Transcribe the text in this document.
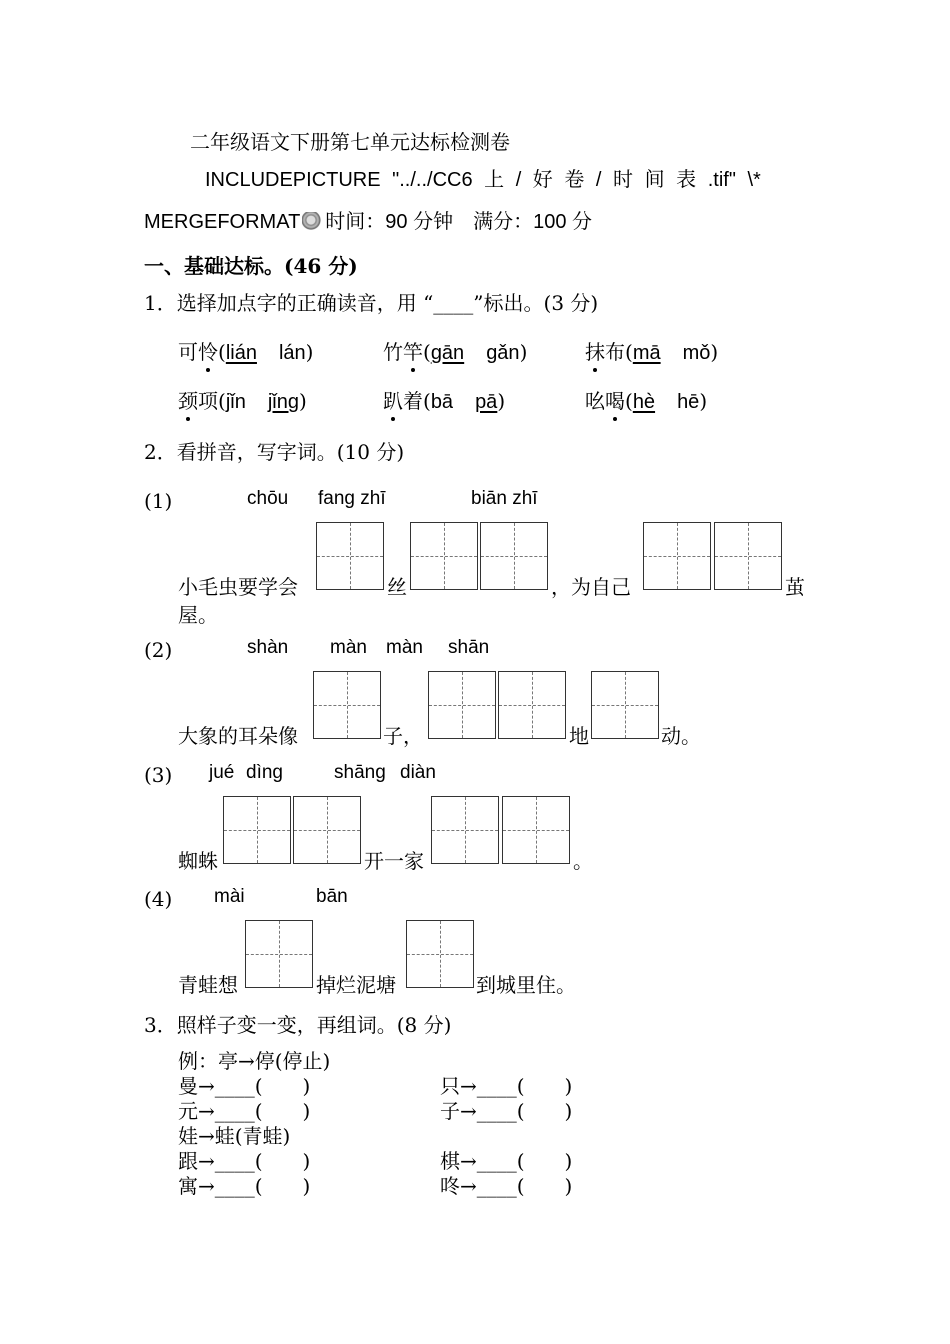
二年级语文下册第七单元达标检测卷
INCLUDEPICTURE "../../CC6 上 / 好 卷 / 时 间 表 .tif" \*
MERGEFORMAT 时间：90 分钟　满分：100 分
一、基础达标。(46 分)
1．选择加点字的正确读音，用 “____”标出。(3 分)
可怜(lián lán)	竹竿(gān gǎn)	抹布(mā mǒ)
颈项(jǐn jǐng)	趴着(bā pā)	吆喝(hè hē)
2．看拼音，写字词。(10 分)
(1)	chōu fang zhī	biān zhī
小毛虫要学会	丝	，为自己	茧
屋。
(2)	shàn màn màn shān
大象的耳朵像	子，	地	动。
(3) jué dìng	shāng diàn
蜘蛛	开一家	。
(4) mài	bān
青蛙想	掉烂泥塘	到城里住。
3．照样子变一变，再组词。(8 分)
例：亭→停(停止)
曼→____(　　)	只→____(　　)
元→____(　　)	子→____(　　)
娃→蛙(青蛙)
跟→____(　　)	棋→____(　　)
寓→____(　　)	咚→____(　　)
